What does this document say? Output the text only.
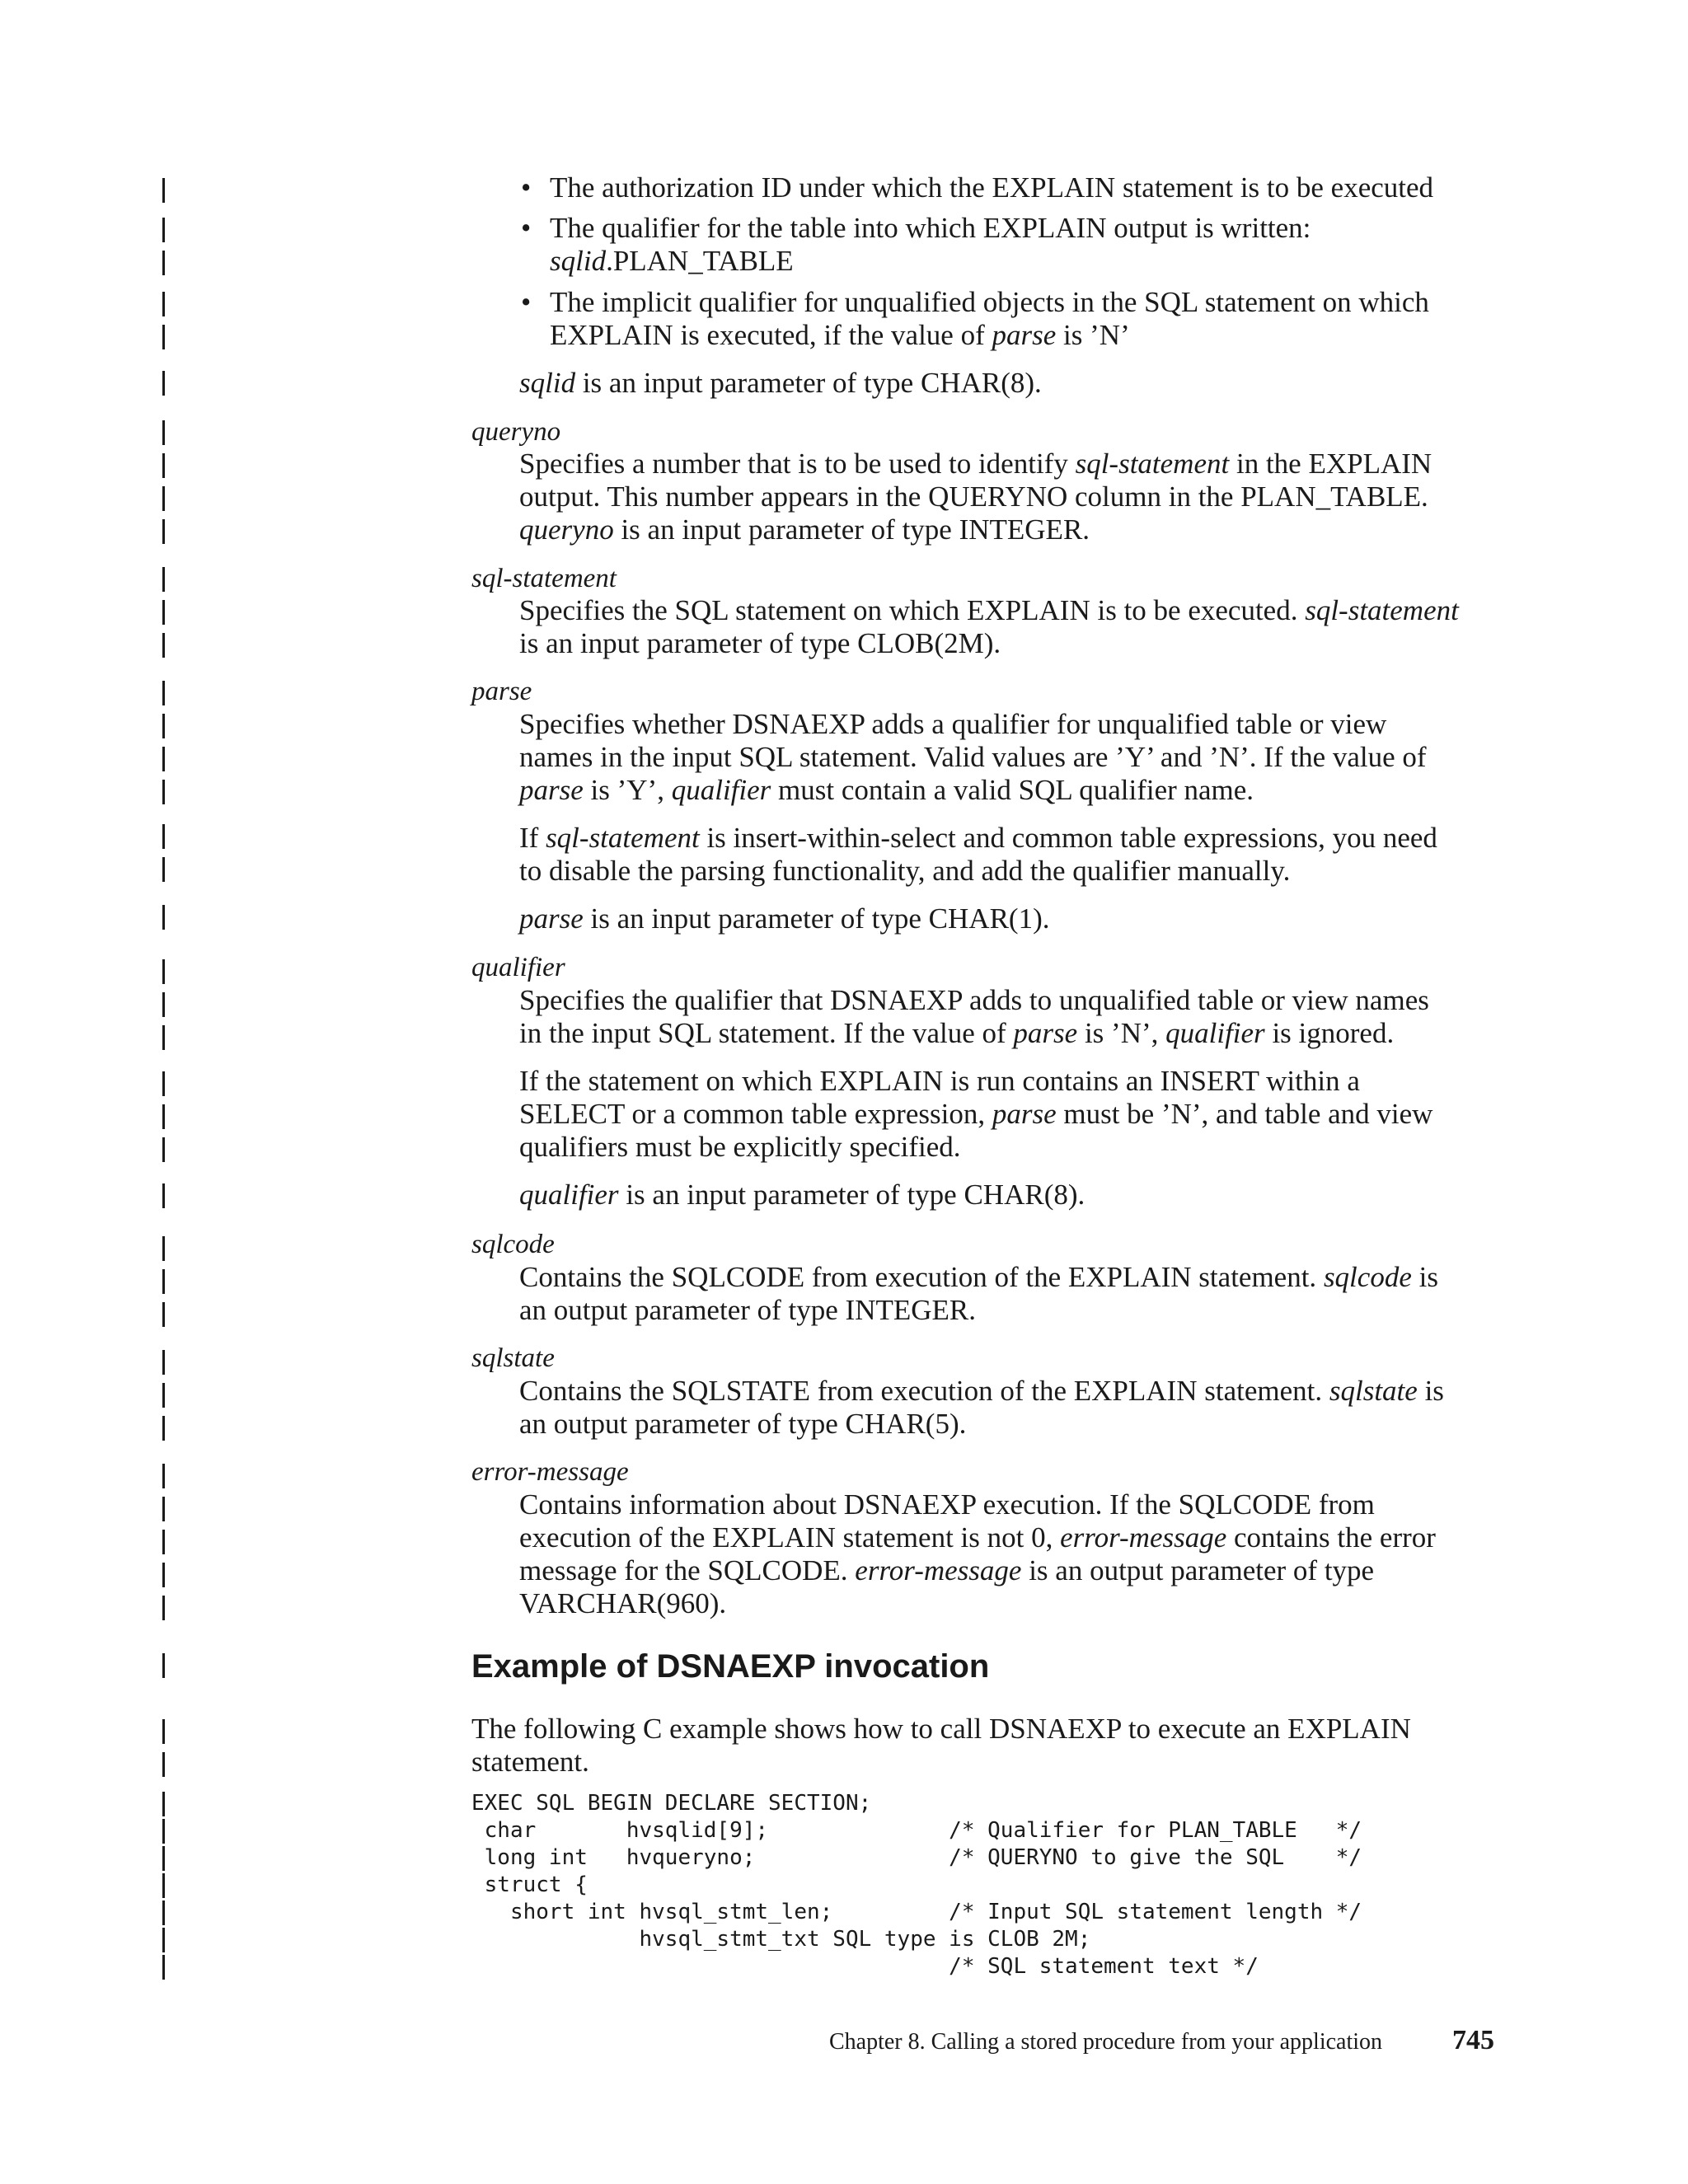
• The authorization ID under which the EXPLAIN statement is to be executed
• The qualifier for the table into which EXPLAIN output is written:
sqlid.PLAN_TABLE
• The implicit qualifier for unqualified objects in the SQL statement on which
EXPLAIN is executed, if the value of parse is ’N’
sqlid is an input parameter of type CHAR(8).
queryno
Specifies a number that is to be used to identify sql-statement in the EXPLAIN
output. This number appears in the QUERYNO column in the PLAN_TABLE.
queryno is an input parameter of type INTEGER.
sql-statement
Specifies the SQL statement on which EXPLAIN is to be executed. sql-statement
is an input parameter of type CLOB(2M).
parse
Specifies whether DSNAEXP adds a qualifier for unqualified table or view
names in the input SQL statement. Valid values are ’Y’ and ’N’. If the value of
parse is ’Y’, qualifier must contain a valid SQL qualifier name.
If sql-statement is insert-within-select and common table expressions, you need
to disable the parsing functionality, and add the qualifier manually.
parse is an input parameter of type CHAR(1).
qualifier
Specifies the qualifier that DSNAEXP adds to unqualified table or view names
in the input SQL statement. If the value of parse is ’N’, qualifier is ignored.
If the statement on which EXPLAIN is run contains an INSERT within a
SELECT or a common table expression, parse must be ’N’, and table and view
qualifiers must be explicitly specified.
qualifier is an input parameter of type CHAR(8).
sqlcode
Contains the SQLCODE from execution of the EXPLAIN statement. sqlcode is
an output parameter of type INTEGER.
sqlstate
Contains the SQLSTATE from execution of the EXPLAIN statement. sqlstate is
an output parameter of type CHAR(5).
error-message
Contains information about DSNAEXP execution. If the SQLCODE from
execution of the EXPLAIN statement is not 0, error-message contains the error
message for the SQLCODE. error-message is an output parameter of type
VARCHAR(960).
Example of DSNAEXP invocation
The following C example shows how to call DSNAEXP to execute an EXPLAIN
statement.
EXEC SQL BEGIN DECLARE SECTION;
char       hvsqlid[9];              /* Qualifier for PLAN_TABLE   */
long int   hvqueryno;               /* QUERYNO to give the SQL    */
struct {
short int hvsql_stmt_len;         /* Input SQL statement length */
hvsql_stmt_txt SQL type is CLOB 2M;
/* SQL statement text */
Chapter 8. Calling a stored procedure from your application 745
